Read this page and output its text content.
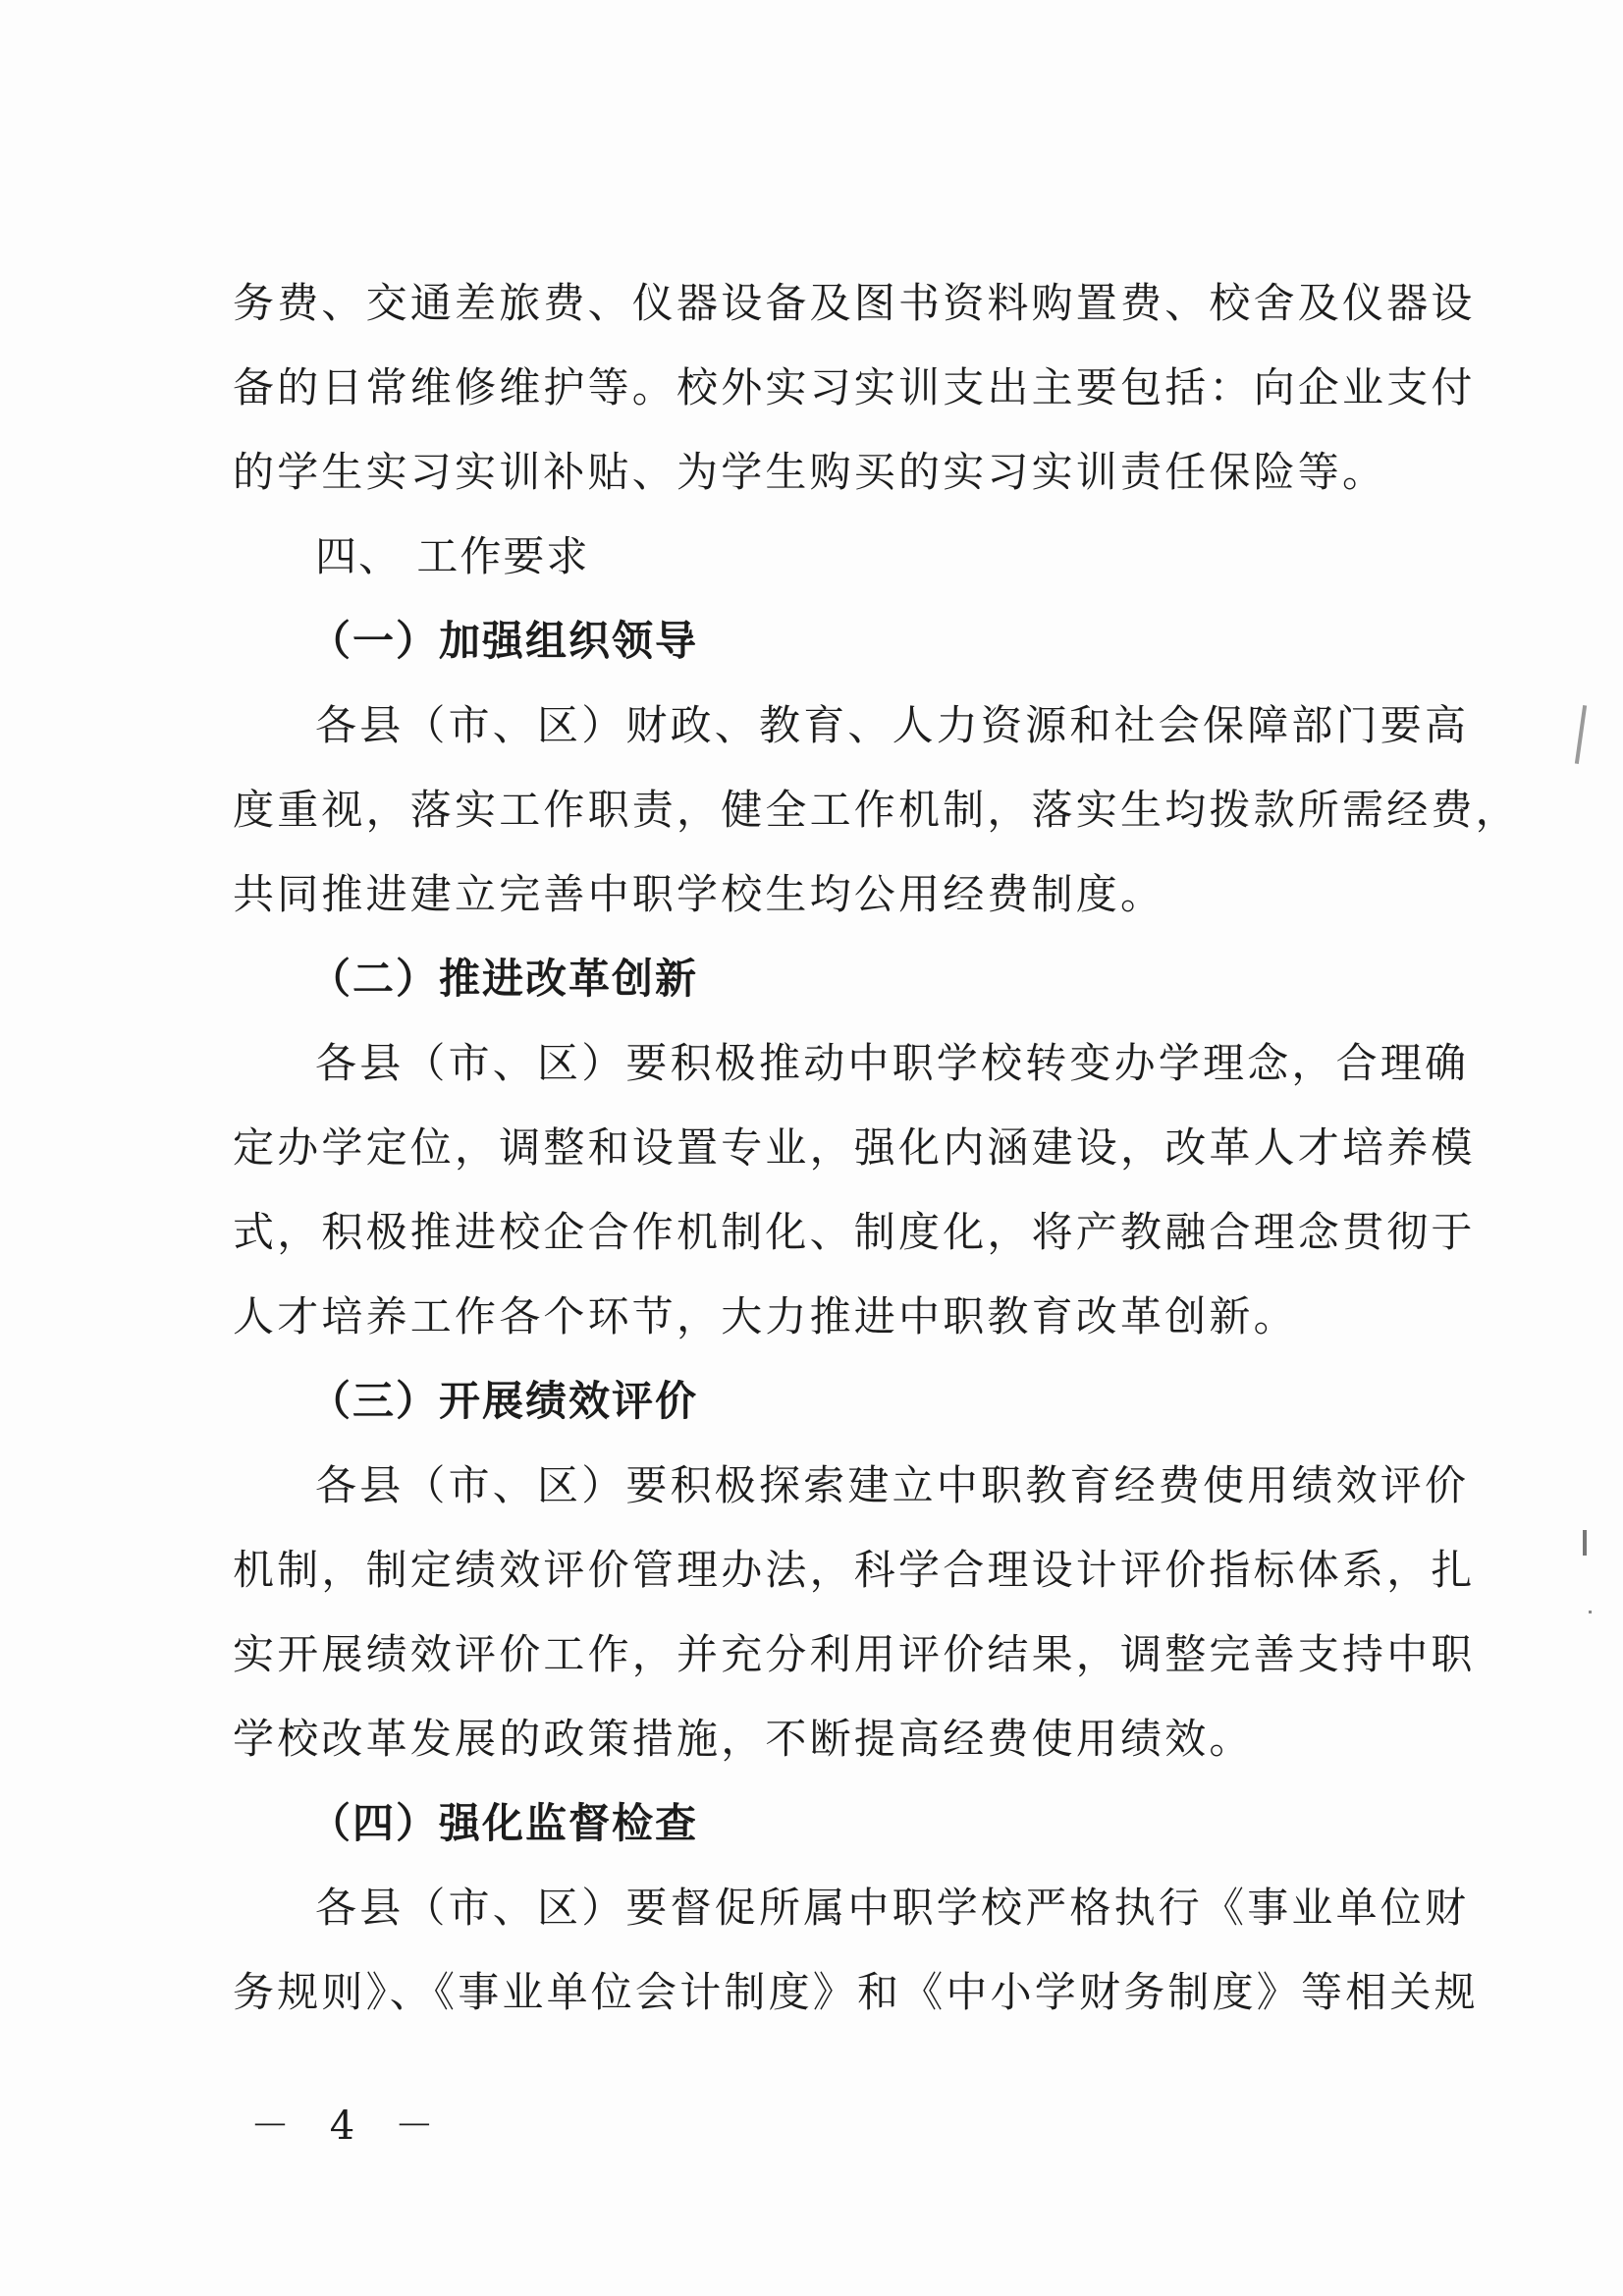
务费、交通差旅费、仪器设备及图书资料购置费、校舍及仪器设
备的日常维修维护等。校外实习实训支出主要包括：向企业支付
的学生实习实训补贴、为学生购买的实习实训责任保险等。
四、 工作要求
（一）加强组织领导
各县（市、区）财政、教育、人力资源和社会保障部门要高
度重视，落实工作职责，健全工作机制，落实生均拨款所需经费，
共同推进建立完善中职学校生均公用经费制度。
（二）推进改革创新
各县（市、区）要积极推动中职学校转变办学理念，合理确
定办学定位，调整和设置专业，强化内涵建设，改革人才培养模
式，积极推进校企合作机制化、制度化，将产教融合理念贯彻于
人才培养工作各个环节，大力推进中职教育改革创新。
（三）开展绩效评价
各县（市、区）要积极探索建立中职教育经费使用绩效评价
机制，制定绩效评价管理办法，科学合理设计评价指标体系，扎
实开展绩效评价工作，并充分利用评价结果，调整完善支持中职
学校改革发展的政策措施，不断提高经费使用绩效。
（四）强化监督检查
各县（市、区）要督促所属中职学校严格执行《事业单位财
务规则》、《事业单位会计制度》和《中小学财务制度》等相关规
－ 4 －
